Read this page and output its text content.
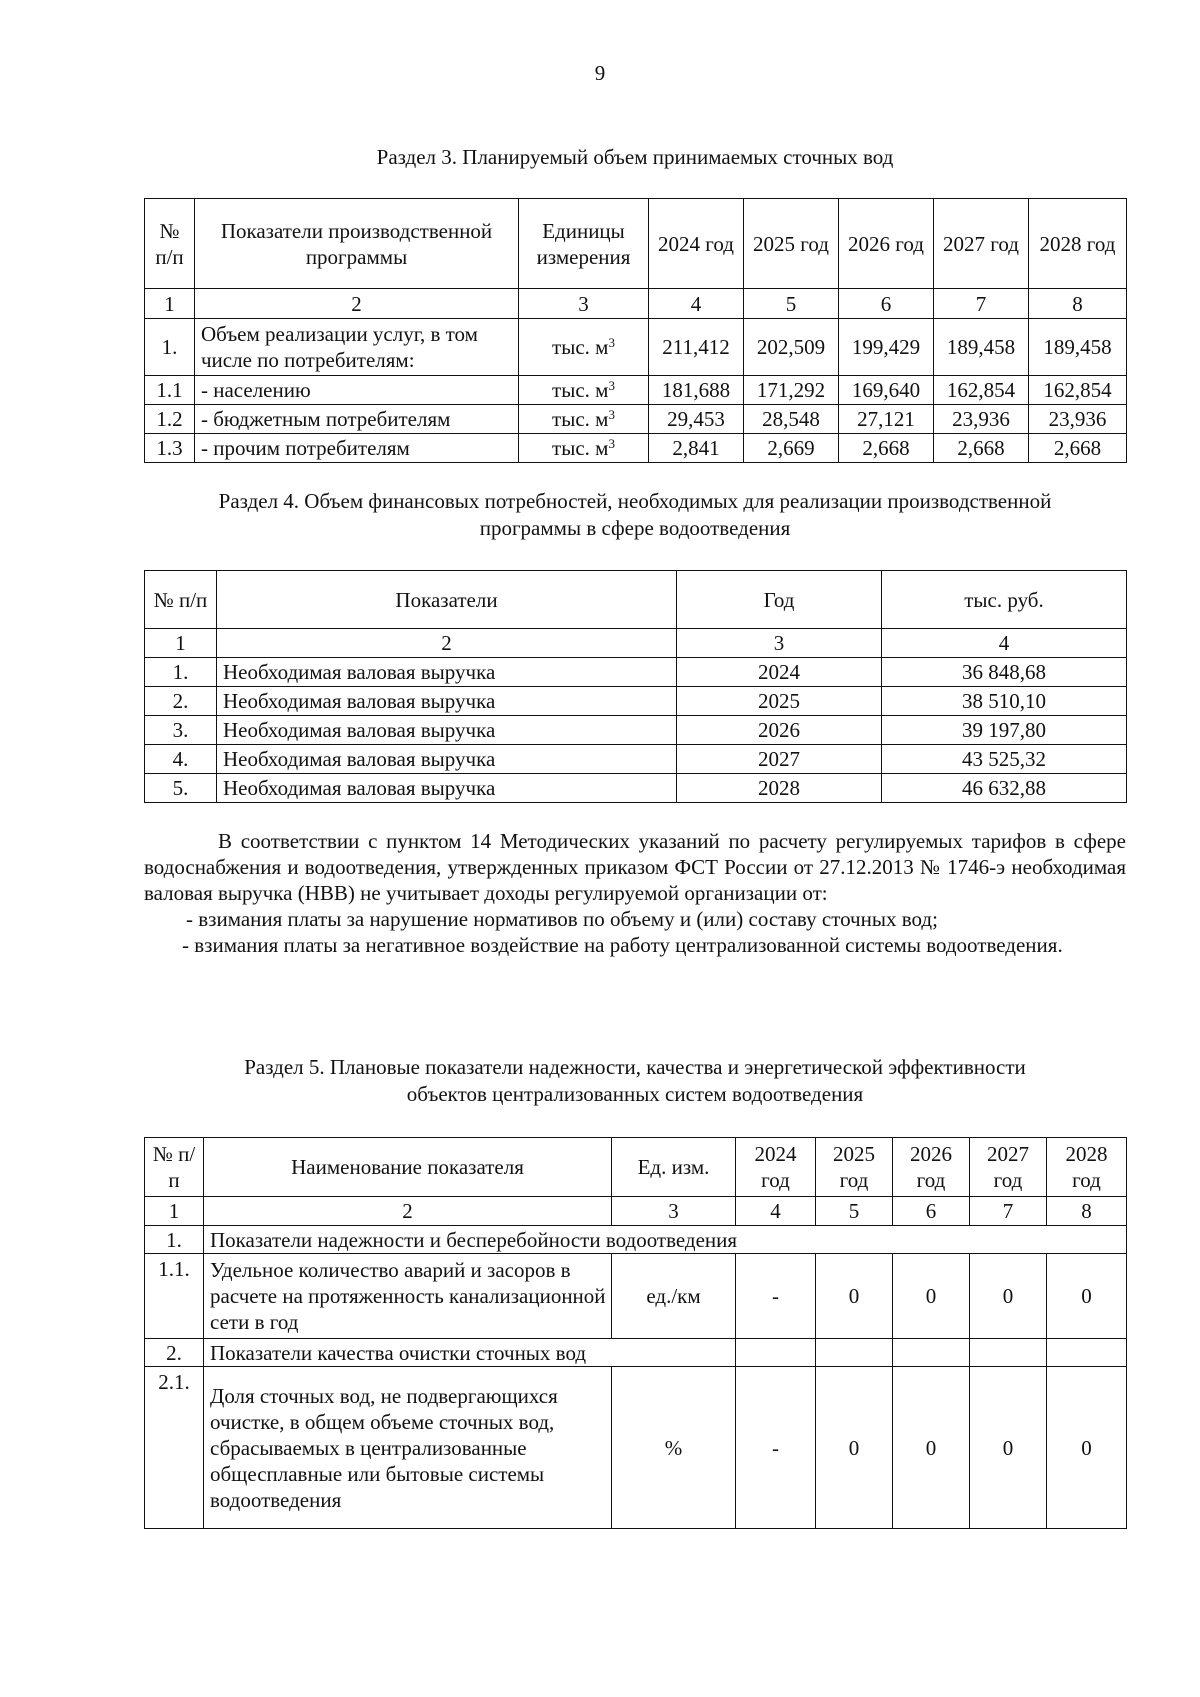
9
Раздел 3. Планируемый объем принимаемых сточных вод
№ п/п	Показатели производственной программы	Единицы измерения	2024 год	2025 год	2026 год	2027 год	2028 год
1	2	3	4	5	6	7	8
1.	Объем реализации услуг, в том числе по потребителям:	тыс. $м^3$	211,412	202,509	199,429	189,458	189,458
1.1	- населению	тыс. $м^3$	181,688	171,292	169,640	162,854	162,854
1.2	- бюджетным потребителям	тыс. $м^3$	29,453	28,548	27,121	23,936	23,936
1.3	- прочим потребителям	тыс. $м^3$	2,841	2,669	2,668	2,668	2,668
Раздел 4. Объем финансовых потребностей, необходимых для реализации производственной
программы в сфере водоотведения
№ п/п	Показатели	Год	тыс. руб.
1	2	3	4
1.	Необходимая валовая выручка	2024	36 848,68
2.	Необходимая валовая выручка	2025	38 510,10
3.	Необходимая валовая выручка	2026	39 197,80
4.	Необходимая валовая выручка	2027	43 525,32
5.	Необходимая валовая выручка	2028	46 632,88

В соответствии с пунктом 14 Методических указаний по расчету регулируемых тарифов в сфере водоснабжения и водоотведения, утвержденных приказом ФСТ России от 27.12.2013 № 1746-э необходимая валовая выручка (НВВ) не учитывает доходы регулируемой организации от:

- взимания платы за нарушение нормативов по объему и (или) составу сточных вод;

- взимания платы за негативное воздействие на работу централизованной системы водоотведения.

Раздел 5. Плановые показатели надежности, качества и энергетической эффективности
объектов централизованных систем водоотведения
№ п/п	Наименование показателя	Ед. изм.	2024 год	2025 год	2026 год	2027 год	2028 год
1	2	3	4	5	6	7	8
1.	Показатели надежности и бесперебойности водоотведения						
1.1.	Удельное количество аварий и засоров в расчете на протяженность канализационной сети в год	ед./км	-	0	0	0	0
2.	Показатели качества очистки сточных вод						
2.1.	Доля сточных вод, не подвергающихся очистке, в общем объеме сточных вод, сбрасываемых в централизованные общесплавные или бытовые системы водоотведения	%	-	0	0	0	0
